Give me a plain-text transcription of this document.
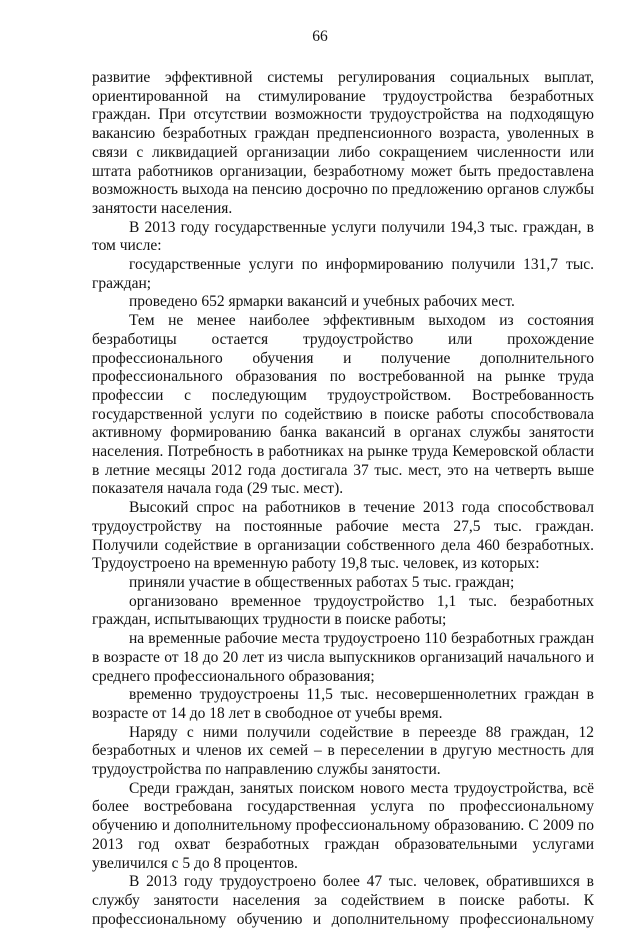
66

развитие эффективной системы регулирования социальных выплат, ориентированной на стимулирование трудоустройства безработных граждан. При отсутствии возможности трудоустройства на подходящую вакансию безработных граждан предпенсионного возраста, уволенных в связи с ликвидацией организации либо сокращением численности или штата работников организации, безработному может быть предоставлена возможность выхода на пенсию досрочно по предложению органов службы занятости населения.

В 2013 году государственные услуги получили 194,3 тыс. граждан, в том числе:

государственные услуги по информированию получили 131,7 тыс. граждан;

проведено 652 ярмарки вакансий и учебных рабочих мест.

Тем не менее наиболее эффективным выходом из состояния безработицы остается трудоустройство или прохождение профессионального обучения и получение дополнительного профессионального образования по востребованной на рынке труда профессии с последующим трудоустройством. Востребованность государственной услуги по содействию в поиске работы способствовала активному формированию банка вакансий в органах службы занятости населения. Потребность в работниках на рынке труда Кемеровской области в летние месяцы 2012 года достигала 37 тыс. мест, это на четверть выше показателя начала года (29 тыс. мест).

Высокий спрос на работников в течение 2013 года способствовал трудоустройству на постоянные рабочие места 27,5 тыс. граждан. Получили содействие в организации собственного дела 460 безработных. Трудоустроено на временную работу 19,8 тыс. человек, из которых:

приняли участие в общественных работах 5 тыс. граждан;

организовано временное трудоустройство 1,1 тыс. безработных граждан, испытывающих трудности в поиске работы;

на временные рабочие места трудоустроено 110 безработных граждан в возрасте от 18 до 20 лет из числа выпускников организаций начального и среднего профессионального образования;

временно трудоустроены 11,5 тыс. несовершеннолетних граждан в возрасте от 14 до 18 лет в свободное от учебы время.

Наряду с ними получили содействие в переезде 88 граждан, 12 безработных и членов их семей – в переселении в другую местность для трудоустройства по направлению службы занятости.

Среди граждан, занятых поиском нового места трудоустройства, всё более востребована государственная услуга по профессиональному обучению и дополнительному профессиональному образованию. С 2009 по 2013 год охват безработных граждан образовательными услугами увеличился с 5 до 8 процентов.

В 2013 году трудоустроено более 47 тыс. человек, обратившихся в службу занятости населения за содействием в поиске работы. К профессиональному обучению и дополнительному профессиональному
